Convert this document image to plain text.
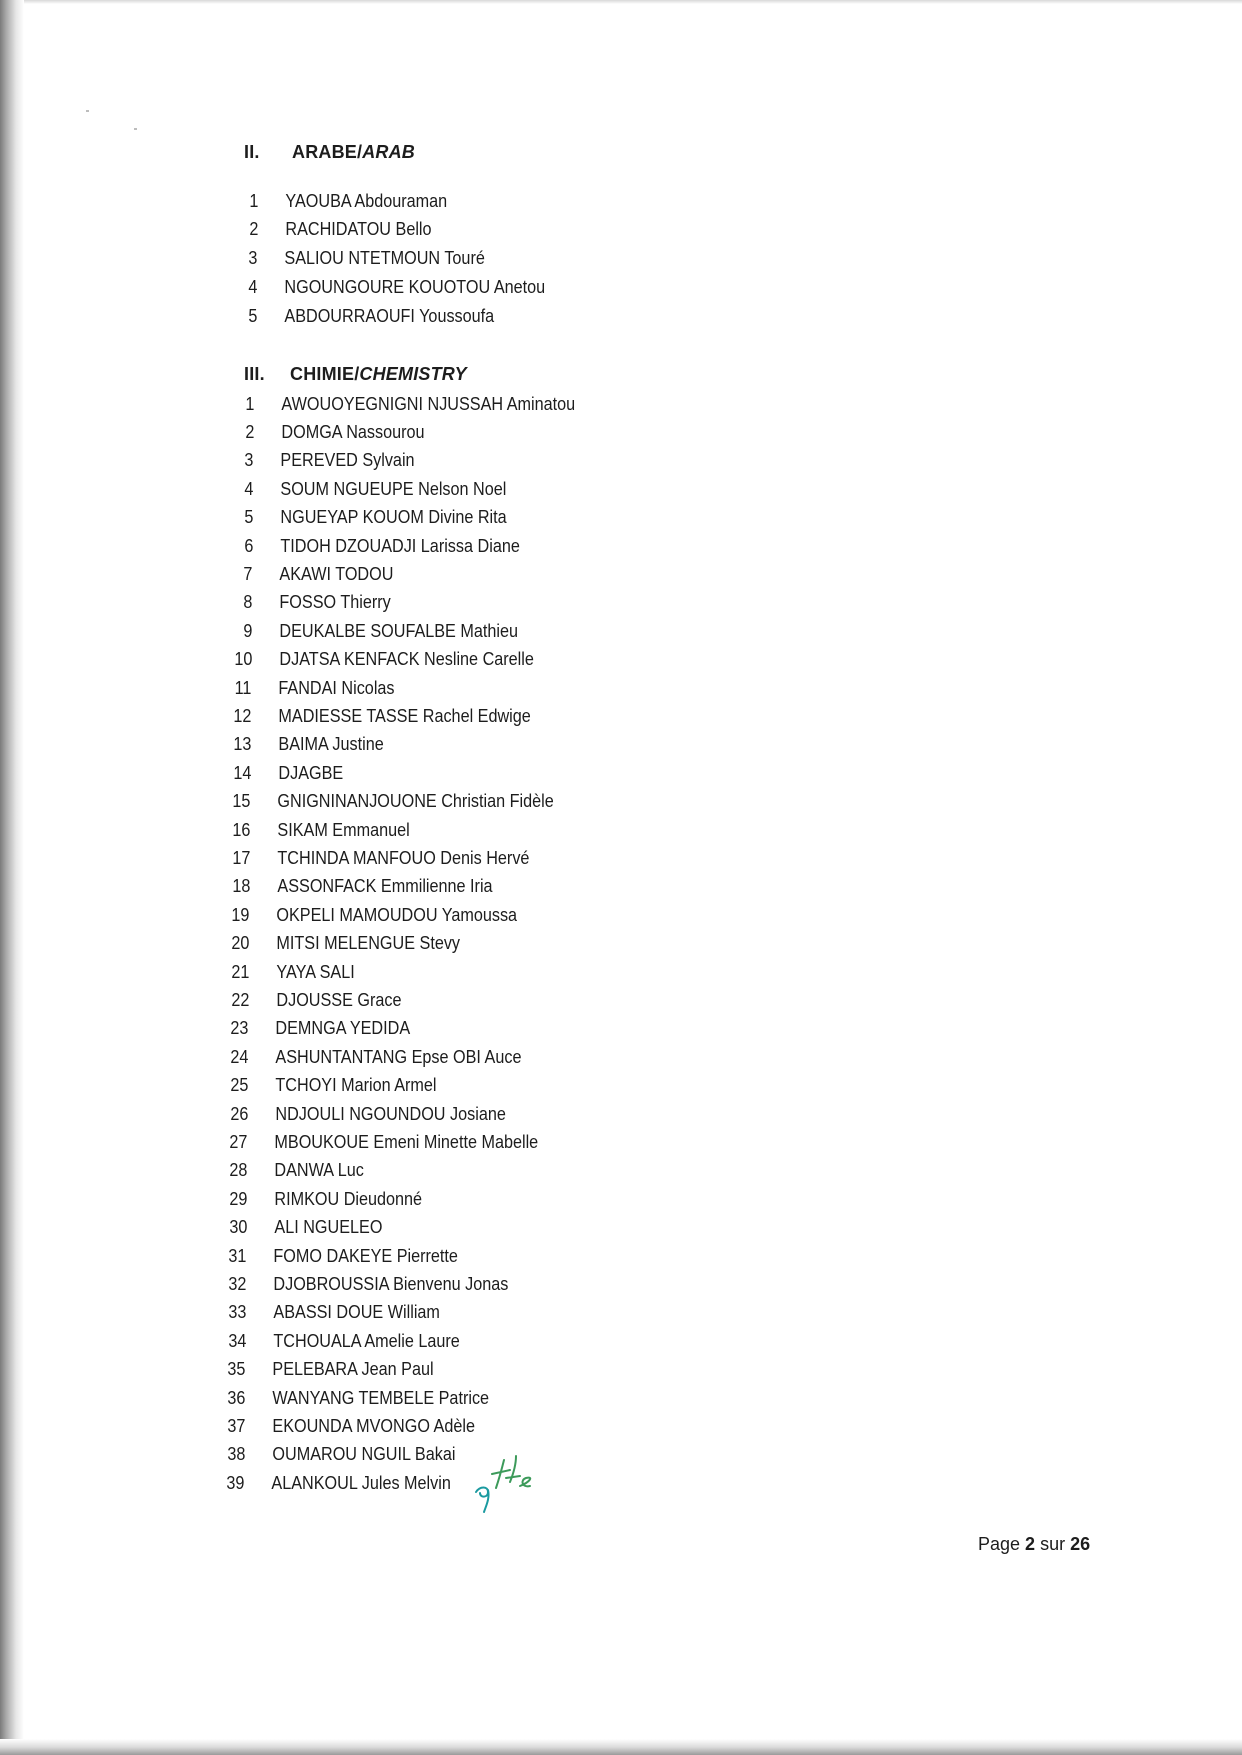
II.	ARABE/ARAB
1 YAOUBA Abdouraman
2 RACHIDATOU Bello
3 SALIOU NTETMOUN Touré
4 NGOUNGOURE KOUOTOU Anetou
5 ABDOURRAOUFI Youssoufa
III.	CHIMIE/CHEMISTRY
1 AWOUOYEGNIGNI NJUSSAH Aminatou
2 DOMGA Nassourou
3 PEREVED Sylvain
4 SOUM NGUEUPE Nelson Noel
5 NGUEYAP KOUOM Divine Rita
6 TIDOH DZOUADJI Larissa Diane
7 AKAWI TODOU
8 FOSSO Thierry
9 DEUKALBE SOUFALBE Mathieu
10 DJATSA KENFACK Nesline Carelle
11 FANDAI Nicolas
12 MADIESSE TASSE Rachel Edwige
13 BAIMA Justine
14 DJAGBE
15 GNIGNINANJOUONE Christian Fidèle
16 SIKAM Emmanuel
17 TCHINDA MANFOUO Denis Hervé
18 ASSONFACK Emmilienne Iria
19 OKPELI MAMOUDOU Yamoussa
20 MITSI MELENGUE Stevy
21 YAYA SALI
22 DJOUSSE Grace
23 DEMNGA YEDIDA
24 ASHUNTANTANG Epse OBI Auce
25 TCHOYI Marion Armel
26 NDJOULI NGOUNDOU Josiane
27 MBOUKOUE Emeni Minette Mabelle
28 DANWA Luc
29 RIMKOU Dieudonné
30 ALI NGUELEO
31 FOMO DAKEYE Pierrette
32 DJOBROUSSIA Bienvenu Jonas
33 ABASSI DOUE William
34 TCHOUALA Amelie Laure
35 PELEBARA Jean Paul
36 WANYANG TEMBELE Patrice
37 EKOUNDA MVONGO Adèle
38 OUMAROU NGUIL Bakai
39 ALANKOUL Jules Melvin
Page 2 sur 26
